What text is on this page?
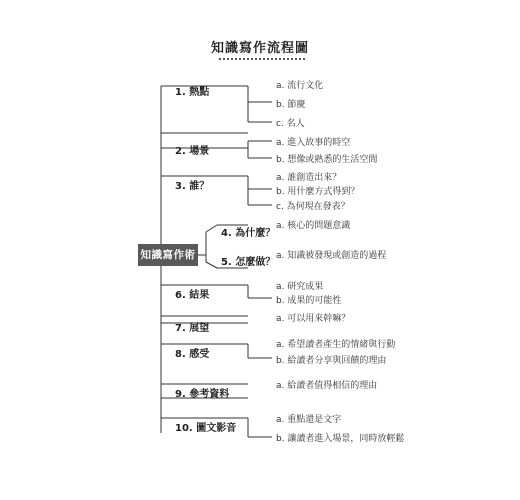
知識寫作流程圖
知識寫作術
1. 熱點
2. 場景
3. 誰？
4. 為什麼？
5. 怎麼做？
6. 結果
7. 展望
8. 感受
9. 參考資料
10. 圖文影音
a. 流行文化
b. 節慶
c. 名人
a. 進入故事的時空
b. 想像或熟悉的生活空間
a. 誰創造出來？
b. 用什麼方式得到？
c. 為何現在發表？
a. 核心的問題意識
a. 知識被發現或創造的過程
a. 研究成果
b. 成果的可能性
a. 可以用來幹嘛？
a. 希望讀者產生的情緒與行動
b. 給讀者分享與回饋的理由
a. 給讀者值得相信的理由
a. 重點還是文字
b. 讓讀者進入場景，同時放輕鬆
